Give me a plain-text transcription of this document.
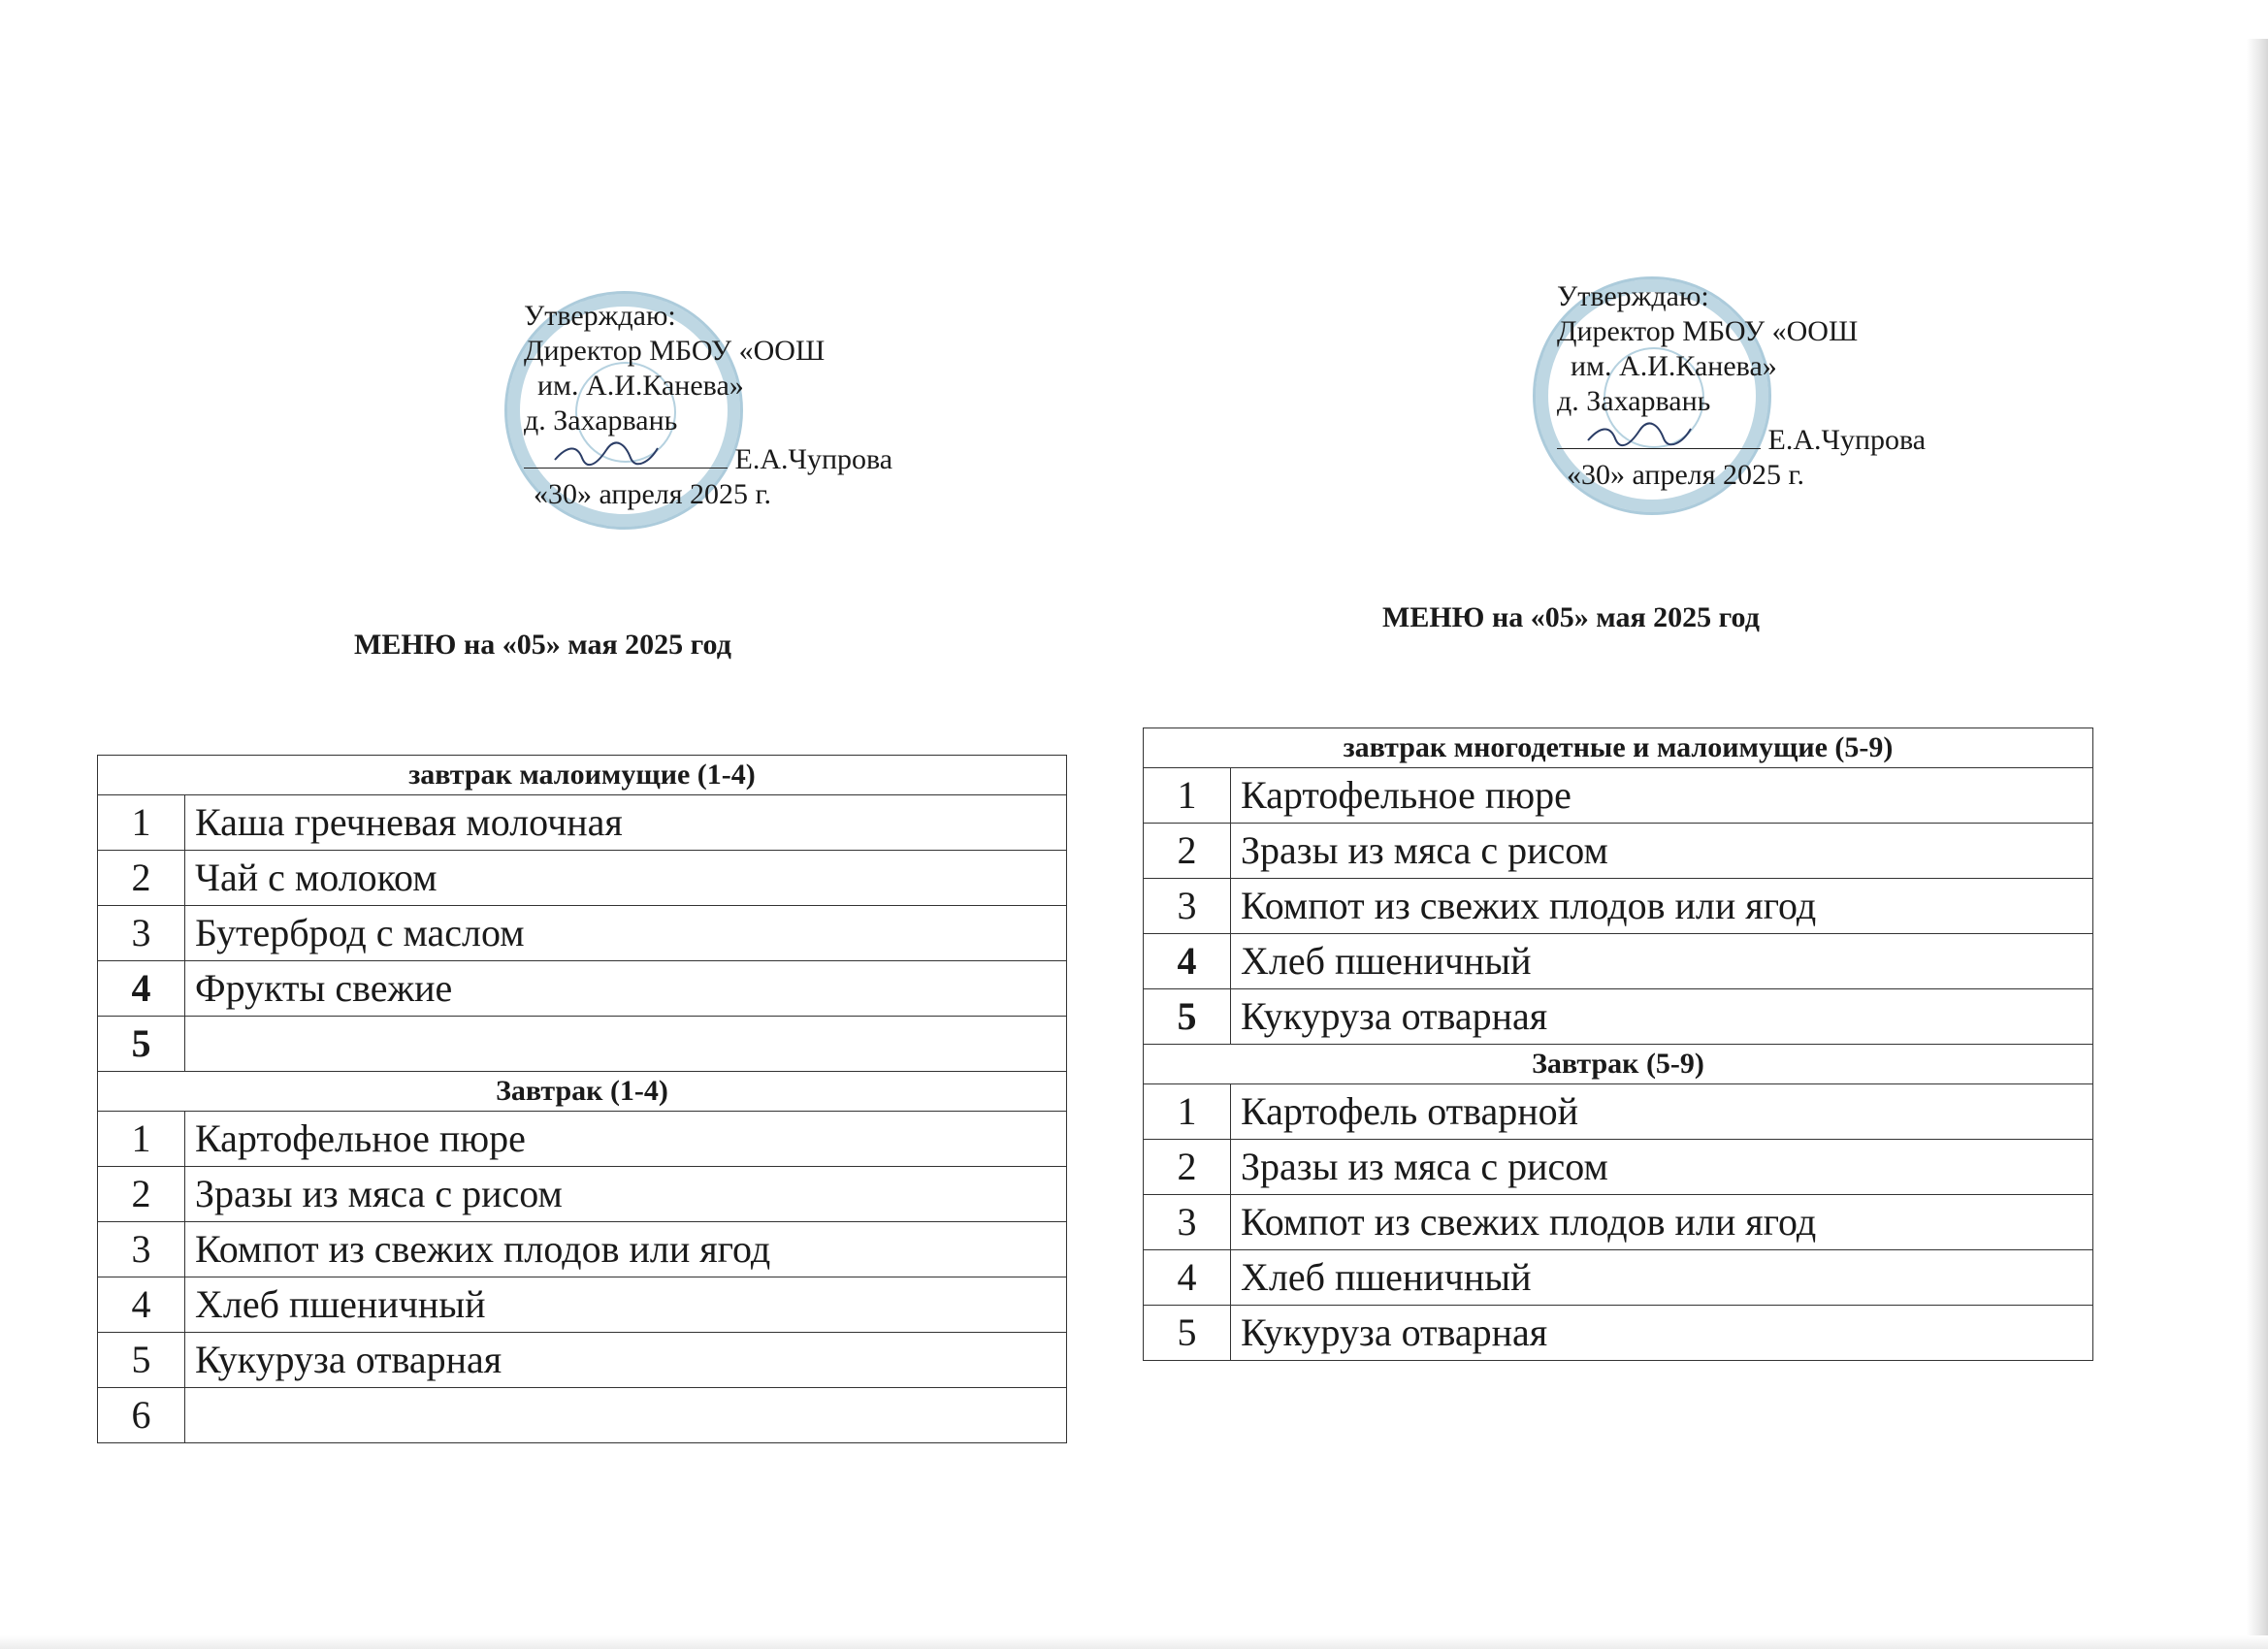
Утверждаю:
Директор МБОУ «ООШ
им. А.И.Канева»
д. Захарвань
Е.А.Чупрова
«30» апреля 2025 г.
МЕНЮ на «05» мая 2025 год
завтрак малоимущие (1-4)	
1	Каша гречневая молочная
2	Чай с молоком
3	Бутерброд с маслом
4	Фрукты свежие
5	
Завтрак (1-4)	
1	Картофельное пюре
2	Зразы из мяса с рисом
3	Компот из свежих плодов или ягод
4	Хлеб пшеничный
5	Кукуруза отварная
6	
Утверждаю:
Директор МБОУ «ООШ
им. А.И.Канева»
д. Захарвань
Е.А.Чупрова
«30» апреля 2025 г.
МЕНЮ на «05» мая 2025 год
завтрак многодетные и малоимущие (5-9)	
1	Картофельное пюре
2	Зразы из мяса с рисом
3	Компот из свежих плодов или ягод
4	Хлеб пшеничный
5	Кукуруза отварная
Завтрак (5-9)	
1	Картофель отварной
2	Зразы из мяса с рисом
3	Компот из свежих плодов или ягод
4	Хлеб пшеничный
5	Кукуруза отварная
